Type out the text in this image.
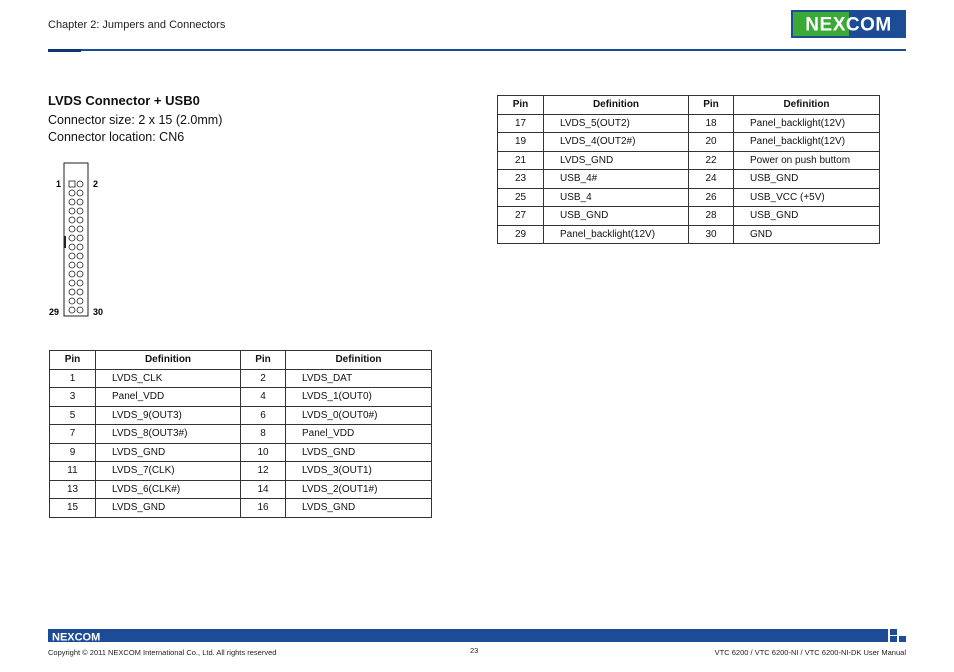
Chapter 2: Jumpers and Connectors	NEXCOM
LVDS Connector + USB0
Connector size: 2 x 15 (2.0mm)
Connector location: CN6
1	2
29	30
Pin	Definition	Pin	Definition
1	LVDS_CLK	2	LVDS_DAT
3	Panel_VDD	4	LVDS_1(OUT0)
5	LVDS_9(OUT3)	6	LVDS_0(OUT0#)
7	LVDS_8(OUT3#)	8	Panel_VDD
9	LVDS_GND	10	LVDS_GND
11	LVDS_7(CLK)	12	LVDS_3(OUT1)
13	LVDS_6(CLK#)	14	LVDS_2(OUT1#)
15	LVDS_GND	16	LVDS_GND
Pin	Definition	Pin	Definition
17	LVDS_5(OUT2)	18	Panel_backlight(12V)
19	LVDS_4(OUT2#)	20	Panel_backlight(12V)
21	LVDS_GND	22	Power on push buttom
23	USB_4#	24	USB_GND
25	USB_4	26	USB_VCC (+5V)
27	USB_GND	28	USB_GND
29	Panel_backlight(12V)	30	GND
NEXCOM
Copyright © 2011 NEXCOM International Co., Ltd. All rights reserved	23	VTC 6200 / VTC 6200-NI / VTC 6200-NI-DK User Manual
